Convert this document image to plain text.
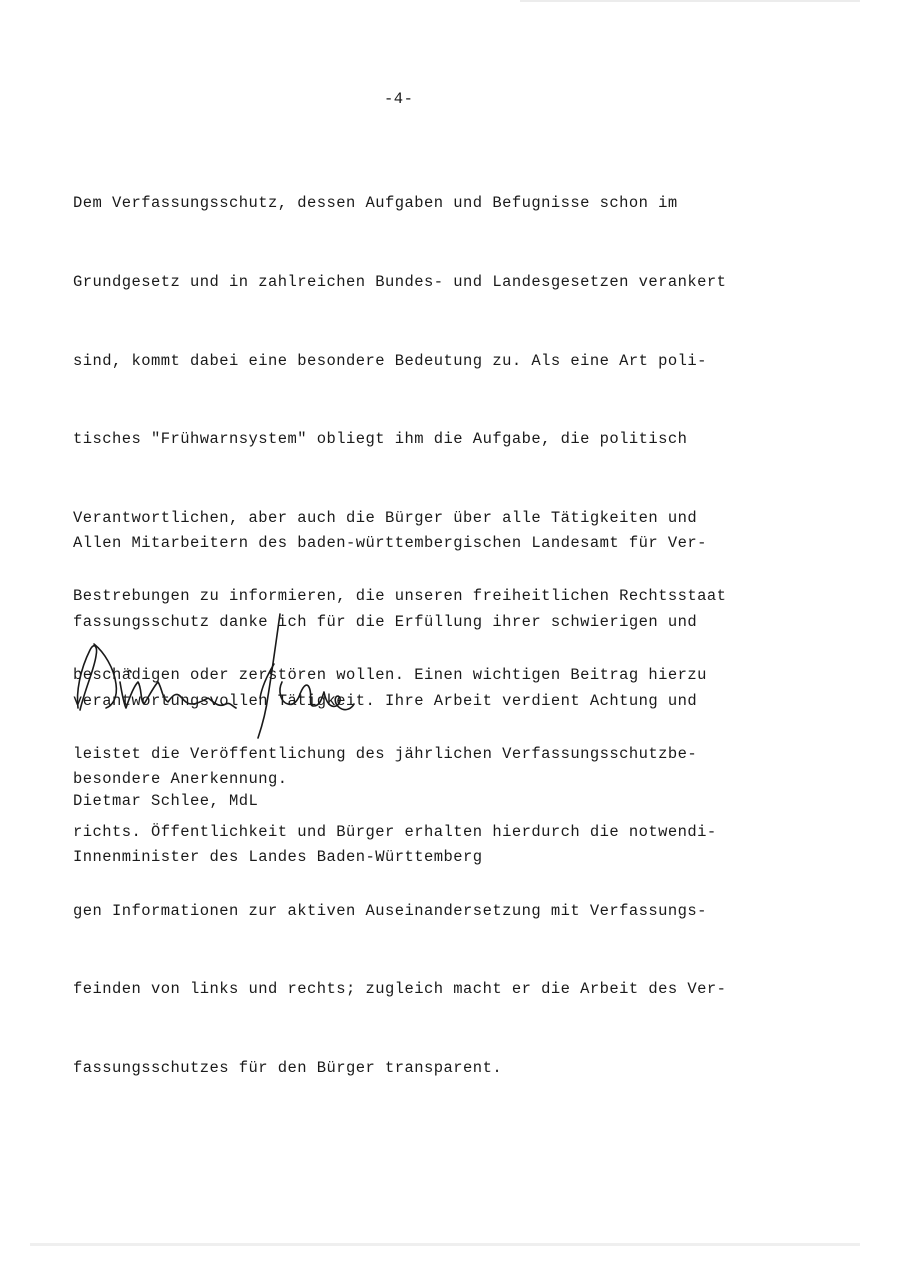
-4-

Dem Verfassungsschutz, dessen Aufgaben und Befugnisse schon im

Grundgesetz und in zahlreichen Bundes- und Landesgesetzen verankert

sind, kommt dabei eine besondere Bedeutung zu. Als eine Art poli-

tisches "Frühwarnsystem" obliegt ihm die Aufgabe, die politisch

Verantwortlichen, aber auch die Bürger über alle Tätigkeiten und

Bestrebungen zu informieren, die unseren freiheitlichen Rechtsstaat

beschädigen oder zerstören wollen. Einen wichtigen Beitrag hierzu

leistet die Veröffentlichung des jährlichen Verfassungsschutzbe-

richts. Öffentlichkeit und Bürger erhalten hierdurch die notwendi-

gen Informationen zur aktiven Auseinandersetzung mit Verfassungs-

feinden von links und rechts; zugleich macht er die Arbeit des Ver-

fassungsschutzes für den Bürger transparent.

Allen Mitarbeitern des baden-württembergischen Landesamt für Ver-

fassungsschutz danke ich für die Erfüllung ihrer schwierigen und

verantwortungsvollen Tätigkeit. Ihre Arbeit verdient Achtung und

besondere Anerkennung.

Dietmar Schlee, MdL

Innenminister des Landes Baden-Württemberg
